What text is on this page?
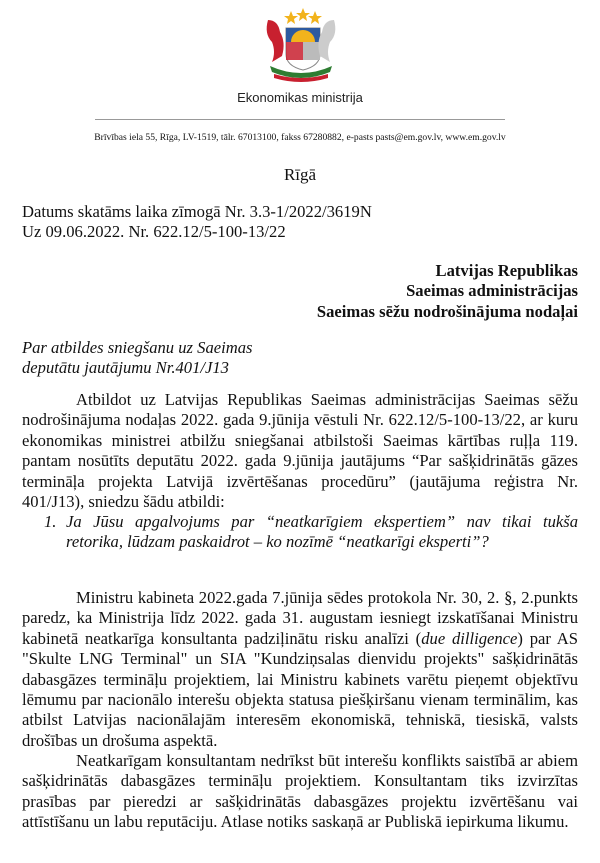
Ekonomikas ministrija
Brīvības iela 55, Rīga, LV-1519, tālr. 67013100, fakss 67280882, e-pasts pasts@em.gov.lv, www.em.gov.lv
Rīgā
Datums skatāms laika zīmogā Nr. 3.3-1/2022/3619N
Uz 09.06.2022. Nr. 622.12/5-100-13/22
Latvijas Republikas
Saeimas administrācijas
Saeimas sēžu nodrošinājuma nodaļai
Par atbildes sniegšanu uz Saeimas
deputātu jautājumu Nr.401/J13
Atbildot uz Latvijas Republikas Saeimas administrācijas Saeimas sēžu nodrošinājuma nodaļas 2022. gada 9.jūnija vēstuli Nr. 622.12/5-100-13/22, ar kuru ekonomikas ministrei atbilžu sniegšanai atbilstoši Saeimas kārtības ruļļa 119. pantam nosūtīts deputātu 2022. gada 9.jūnija jautājums “Par sašķidrinātās gāzes termināļa projekta Latvijā izvērtēšanas procedūru” (jautājuma reģistra Nr. 401/J13), sniedzu šādu atbildi:
1. Ja Jūsu apgalvojums par “neatkarīgiem ekspertiem” nav tikai tukša retorika, lūdzam paskaidrot – ko nozīmē “neatkarīgi eksperti”?
Ministru kabineta 2022.gada 7.jūnija sēdes protokola Nr. 30, 2. §, 2.punkts paredz, ka Ministrija līdz 2022. gada 31. augustam iesniegt izskatīšanai Ministru kabinetā neatkarīga konsultanta padziļinātu risku analīzi (due dilligence) par AS "Skulte LNG Terminal" un SIA "Kundziņsalas dienvidu projekts" sašķidrinātās dabasgāzes termināļu projektiem, lai Ministru kabinets varētu pieņemt objektīvu lēmumu par nacionālo interešu objekta statusa piešķiršanu vienam terminālim, kas atbilst Latvijas nacionālajām interesēm ekonomiskā, tehniskā, tiesiskā, valsts drošības un drošuma aspektā.
Neatkarīgam konsultantam nedrīkst būt interešu konflikts saistībā ar abiem sašķidrinātās dabasgāzes termināļu projektiem. Konsultantam tiks izvirzītas prasības par pieredzi ar sašķidrinātās dabasgāzes projektu izvērtēšanu vai attīstīšanu un labu reputāciju. Atlase notiks saskaņā ar Publiskā iepirkuma likumu.
